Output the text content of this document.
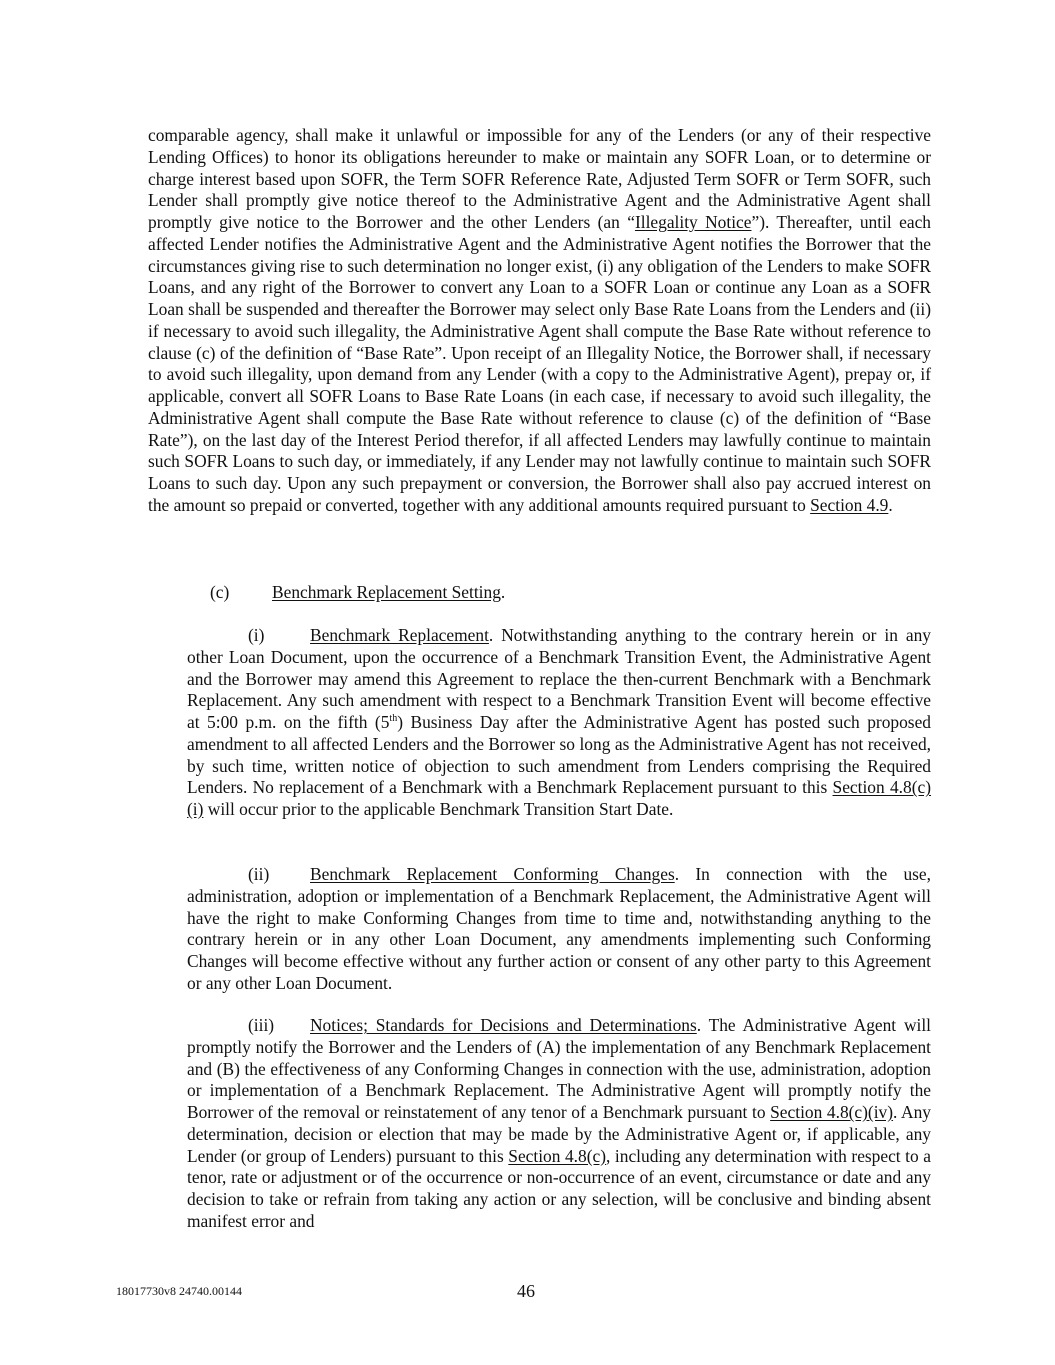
comparable agency, shall make it unlawful or impossible for any of the Lenders (or any of their respective Lending Offices) to honor its obligations hereunder to make or maintain any SOFR Loan, or to determine or charge interest based upon SOFR, the Term SOFR Reference Rate, Adjusted Term SOFR or Term SOFR, such Lender shall promptly give notice thereof to the Administrative Agent and the Administrative Agent shall promptly give notice to the Borrower and the other Lenders (an “Illegality Notice”). Thereafter, until each affected Lender notifies the Administrative Agent and the Administrative Agent notifies the Borrower that the circumstances giving rise to such determination no longer exist, (i) any obligation of the Lenders to make SOFR Loans, and any right of the Borrower to convert any Loan to a SOFR Loan or continue any Loan as a SOFR Loan shall be suspended and thereafter the Borrower may select only Base Rate Loans from the Lenders and (ii) if necessary to avoid such illegality, the Administrative Agent shall compute the Base Rate without reference to clause (c) of the definition of “Base Rate”. Upon receipt of an Illegality Notice, the Borrower shall, if necessary to avoid such illegality, upon demand from any Lender (with a copy to the Administrative Agent), prepay or, if applicable, convert all SOFR Loans to Base Rate Loans (in each case, if necessary to avoid such illegality, the Administrative Agent shall compute the Base Rate without reference to clause (c) of the definition of “Base Rate”), on the last day of the Interest Period therefor, if all affected Lenders may lawfully continue to maintain such SOFR Loans to such day, or immediately, if any Lender may not lawfully continue to maintain such SOFR Loans to such day. Upon any such prepayment or conversion, the Borrower shall also pay accrued interest on the amount so prepaid or converted, together with any additional amounts required pursuant to Section 4.9.

(c) Benchmark Replacement Setting.

(i)	Benchmark Replacement. Notwithstanding anything to the contrary herein or in any other Loan Document, upon the occurrence of a Benchmark Transition Event, the Administrative Agent and the Borrower may amend this Agreement to replace the then-current Benchmark with a Benchmark Replacement. Any such amendment with respect to a Benchmark Transition Event will become effective at 5:00 p.m. on the fifth (5th) Business Day after the Administrative Agent has posted such proposed amendment to all affected Lenders and the Borrower so long as the Administrative Agent has not received, by such time, written notice of objection to such amendment from Lenders comprising the Required Lenders. No replacement of a Benchmark with a Benchmark Replacement pursuant to this Section 4.8(c)(i) will occur prior to the applicable Benchmark Transition Start Date.

(ii) Benchmark Replacement Conforming Changes. In connection with the use, administration, adoption or implementation of a Benchmark Replacement, the Administrative Agent will have the right to make Conforming Changes from time to time and, notwithstanding anything to the contrary herein or in any other Loan Document, any amendments implementing such Conforming Changes will become effective without any further action or consent of any other party to this Agreement or any other Loan Document.

(iii) Notices; Standards for Decisions and Determinations. The Administrative Agent will promptly notify the Borrower and the Lenders of (A) the implementation of any Benchmark Replacement and (B) the effectiveness of any Conforming Changes in connection with the use, administration, adoption or implementation of a Benchmark Replacement. The Administrative Agent will promptly notify the Borrower of the removal or reinstatement of any tenor of a Benchmark pursuant to Section 4.8(c)(iv). Any determination, decision or election that may be made by the Administrative Agent or, if applicable, any Lender (or group of Lenders) pursuant to this Section 4.8(c), including any determination with respect to a tenor, rate or adjustment or of the occurrence or non-occurrence of an event, circumstance or date and any decision to take or refrain from taking any action or any selection, will be conclusive and binding absent manifest error and

18017730v8 24740.00144	46
